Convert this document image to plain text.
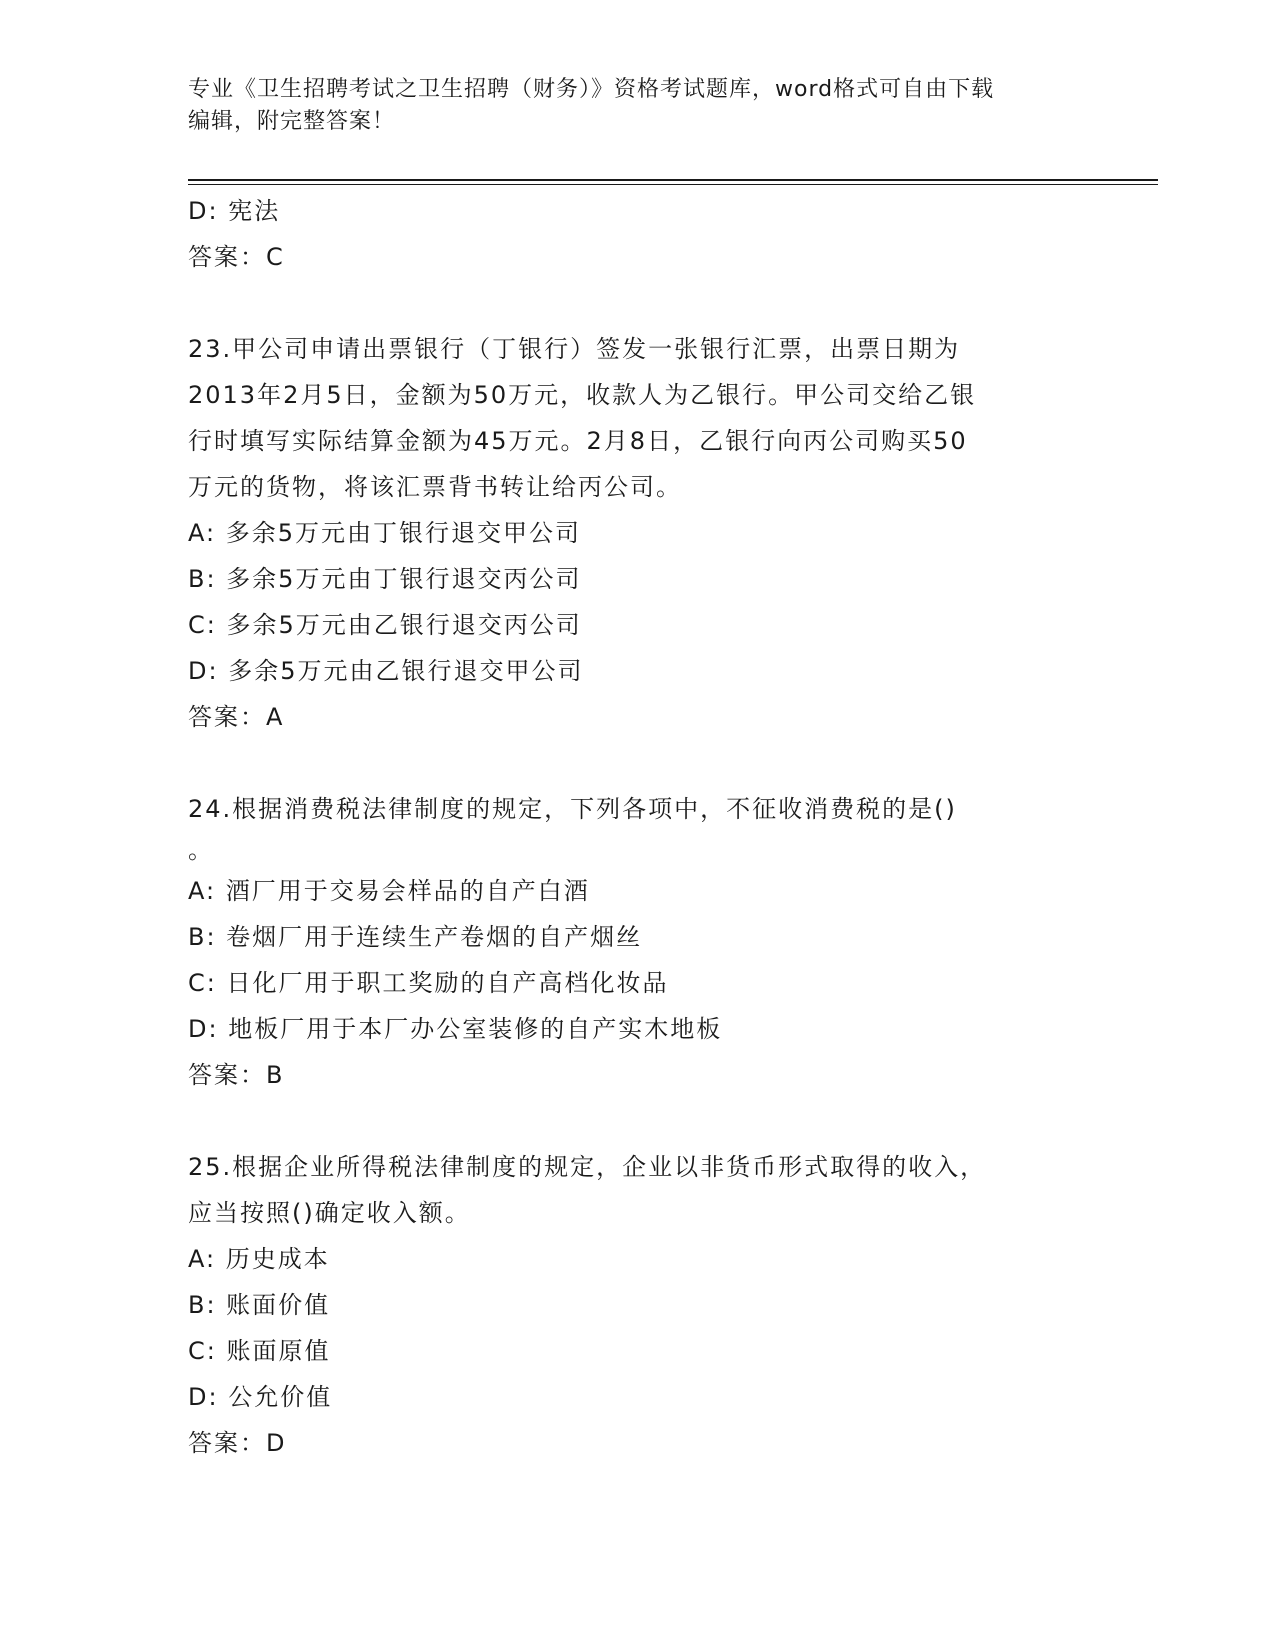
专业《卫生招聘考试之卫生招聘（财务）》资格考试题库，word格式可自由下载
编辑，附完整答案！
D: 宪法
答案：C
23.甲公司申请出票银行（丁银行）签发一张银行汇票，出票日期为
2013年2月5日，金额为50万元，收款人为乙银行。甲公司交给乙银
行时填写实际结算金额为45万元。2月8日，乙银行向丙公司购买50
万元的货物，将该汇票背书转让给丙公司。
A: 多余5万元由丁银行退交甲公司
B: 多余5万元由丁银行退交丙公司
C: 多余5万元由乙银行退交丙公司
D: 多余5万元由乙银行退交甲公司
答案：A
24.根据消费税法律制度的规定，下列各项中，不征收消费税的是()
。
A: 酒厂用于交易会样品的自产白酒
B: 卷烟厂用于连续生产卷烟的自产烟丝
C: 日化厂用于职工奖励的自产高档化妆品
D: 地板厂用于本厂办公室装修的自产实木地板
答案：B
25.根据企业所得税法律制度的规定，企业以非货币形式取得的收入，
应当按照()确定收入额。
A: 历史成本
B: 账面价值
C: 账面原值
D: 公允价值
答案：D
